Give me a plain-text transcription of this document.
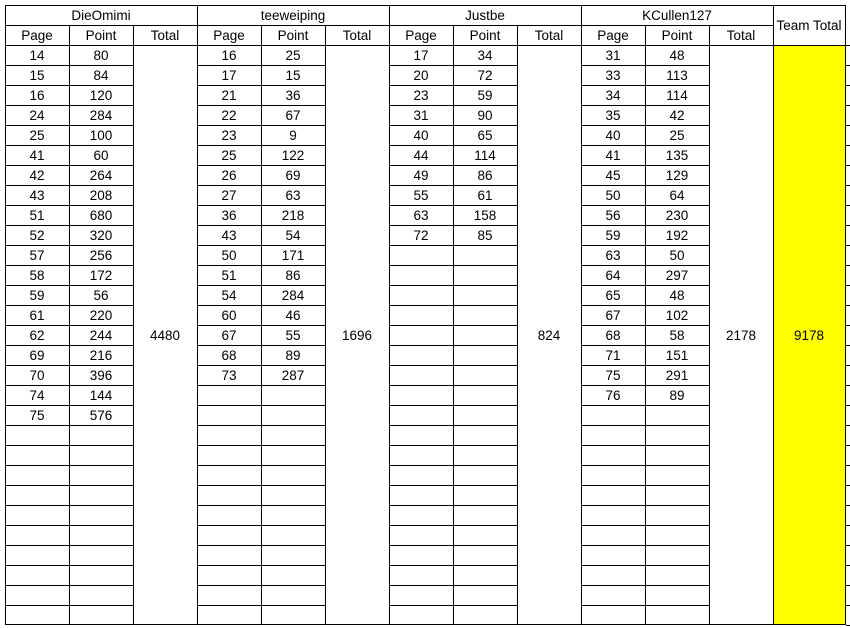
DieOmimi
Page	Point	Total
14	80
15	84
16	120
24	284
25	100
41	60
42	264
43	208
51	680
52	320
57	256
58	172
59	56
61	220
62	244
69	216
70	396
74	144
75	576
4480
teeweiping
Page	Point	Total
16	25
17	15
21	36
22	67
23	9
25	122
26	69
27	63
36	218
43	54
50	171
51	86
54	284
60	46
67	55
68	89
73	287
1696
Justbe
Page	Point	Total
17	34
20	72
23	59
31	90
40	65
44	114
49	86
55	61
63	158
72	85
824
KCullen127
Page	Point	Total
31	48
33	113
34	114
35	42
40	25
41	135
45	129
50	64
56	230
59	192
63	50
64	297
65	48
67	102
68	58
71	151
75	291
76	89
2178
Team Total
9178
